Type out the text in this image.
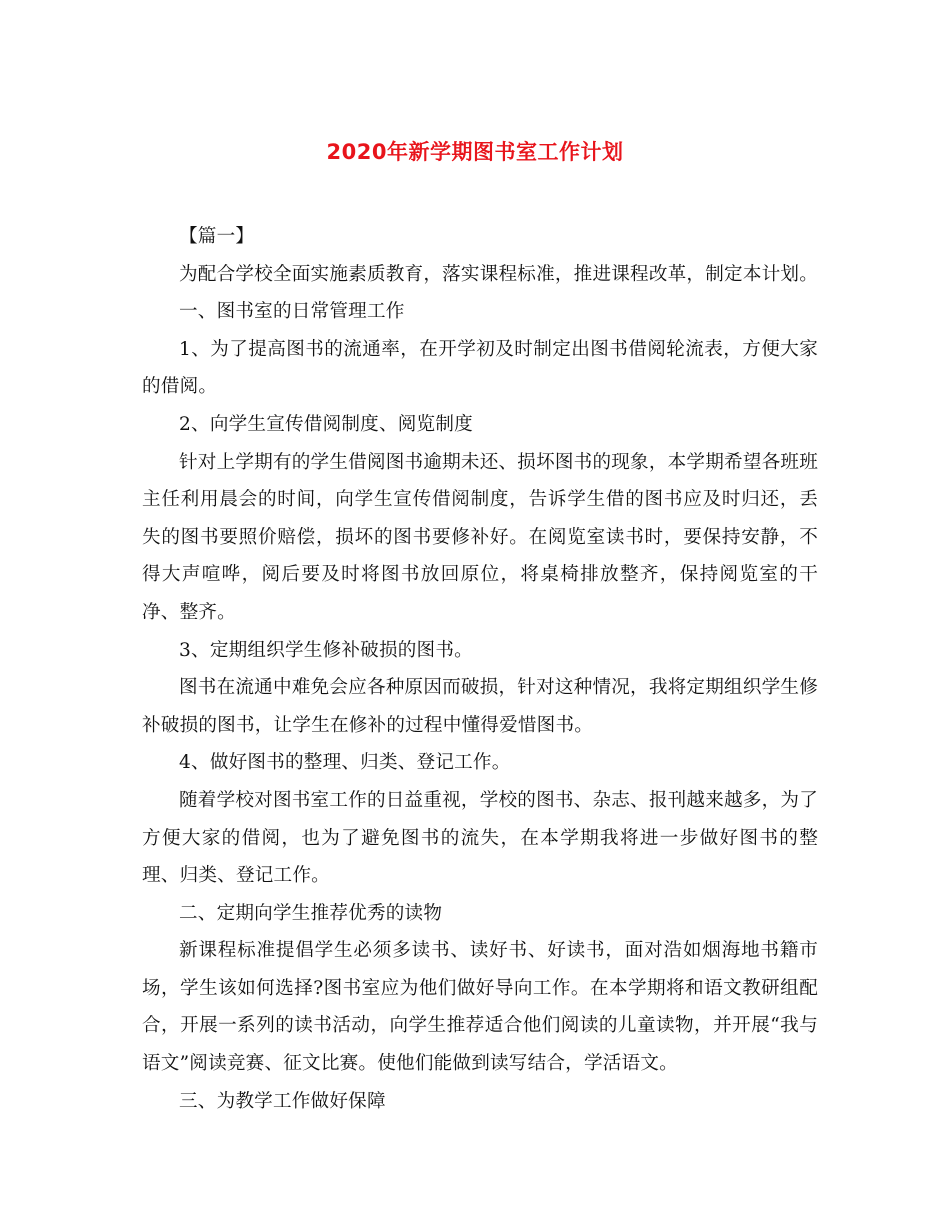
2020年新学期图书室工作计划

【篇一】

为配合学校全面实施素质教育，落实课程标准，推进课程改革，制定本计划。

一、图书室的日常管理工作

1、为了提高图书的流通率，在开学初及时制定出图书借阅轮流表，方便大家的借阅。

2、向学生宣传借阅制度、阅览制度

针对上学期有的学生借阅图书逾期未还、损坏图书的现象，本学期希望各班班主任利用晨会的时间，向学生宣传借阅制度，告诉学生借的图书应及时归还，丢失的图书要照价赔偿，损坏的图书要修补好。在阅览室读书时，要保持安静，不得大声喧哗，阅后要及时将图书放回原位，将桌椅排放整齐，保持阅览室的干净、整齐。

3、定期组织学生修补破损的图书。

图书在流通中难免会应各种原因而破损，针对这种情况，我将定期组织学生修补破损的图书，让学生在修补的过程中懂得爱惜图书。

4、做好图书的整理、归类、登记工作。

随着学校对图书室工作的日益重视，学校的图书、杂志、报刊越来越多，为了方便大家的借阅，也为了避免图书的流失，在本学期我将进一步做好图书的整理、归类、登记工作。

二、定期向学生推荐优秀的读物

新课程标准提倡学生必须多读书、读好书、好读书，面对浩如烟海地书籍市场，学生该如何选择?图书室应为他们做好导向工作。在本学期将和语文教研组配合，开展一系列的读书活动，向学生推荐适合他们阅读的儿童读物，并开展“我与语文”阅读竞赛、征文比赛。使他们能做到读写结合，学活语文。

三、为教学工作做好保障
